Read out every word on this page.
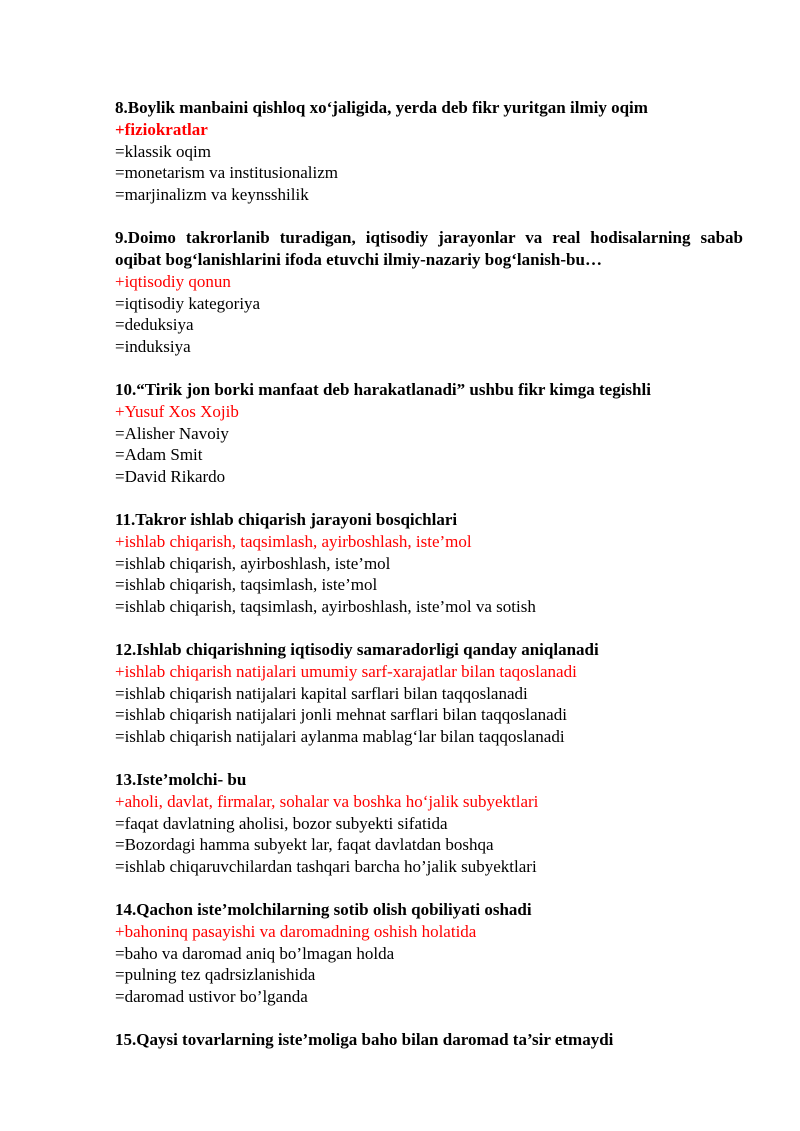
8.Boylik manbaini qishloq xo‘jaligida, yerda deb fikr yuritgan ilmiy oqim

+fiziokratlar

=klassik oqim

=monetarism va institusionalizm

=marjinalizm va keynsshilik

9.Doimo takrorlanib turadigan, iqtisodiy jarayonlar va real hodisalarning sabab oqibat bog‘lanishlarini ifoda etuvchi ilmiy-nazariy bog‘lanish-bu…

+iqtisodiy qonun

=iqtisodiy kategoriya

=deduksiya

=induksiya

10.“Tirik jon borki manfaat deb harakatlanadi” ushbu fikr kimga tegishli

+Yusuf Xos Xojib

=Alisher Navoiy

=Adam Smit

=David Rikardo

11.Takror ishlab chiqarish jarayoni bosqichlari

+ishlab chiqarish, taqsimlash, ayirboshlash, iste’mol

=ishlab chiqarish, ayirboshlash, iste’mol

=ishlab chiqarish, taqsimlash, iste’mol

=ishlab chiqarish, taqsimlash, ayirboshlash, iste’mol va sotish

12.Ishlab chiqarishning iqtisodiy samaradorligi qanday aniqlanadi

+ishlab chiqarish natijalari umumiy sarf-xarajatlar bilan taqoslanadi

=ishlab chiqarish natijalari kapital sarflari bilan taqqoslanadi

=ishlab chiqarish natijalari jonli mehnat sarflari bilan taqqoslanadi

=ishlab chiqarish natijalari aylanma mablag‘lar bilan taqqoslanadi

13.Iste’molchi- bu

+aholi, davlat, firmalar, sohalar va boshka ho‘jalik subyektlari

=faqat davlatning aholisi, bozor subyekti sifatida

=Bozordagi hamma subyekt lar, faqat davlatdan boshqa

=ishlab chiqaruvchilardan tashqari barcha ho’jalik subyektlari

14.Qachon iste’molchilarning sotib olish qobiliyati oshadi

+bahoninq pasayishi va daromadning oshish holatida

=baho va daromad aniq bo’lmagan holda

=pulning tez qadrsizlanishida

=daromad ustivor bo’lganda

15.Qaysi tovarlarning iste’moliga baho bilan daromad ta’sir etmaydi
